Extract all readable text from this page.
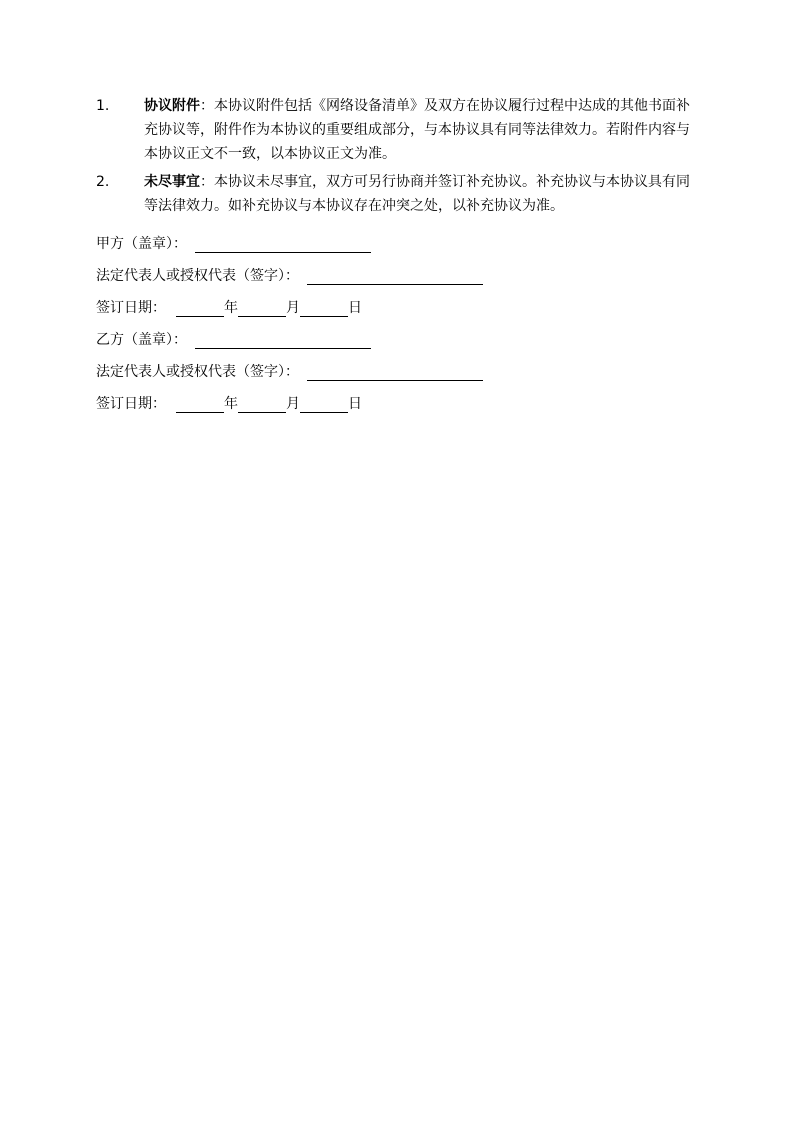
1.	协议附件：本协议附件包括《网络设备清单》及双方在协议履行过程中达成的其他书面补充协议等，附件作为本协议的重要组成部分，与本协议具有同等法律效力。若附件内容与本协议正文不一致，以本协议正文为准。
2.	未尽事宜：本协议未尽事宜，双方可另行协商并签订补充协议。补充协议与本协议具有同等法律效力。如补充协议与本协议存在冲突之处，以补充协议为准。
甲方（盖章）：
法定代表人或授权代表（签字）：
签订日期：	年	月	日
乙方（盖章）：
法定代表人或授权代表（签字）：
签订日期：	年	月	日
